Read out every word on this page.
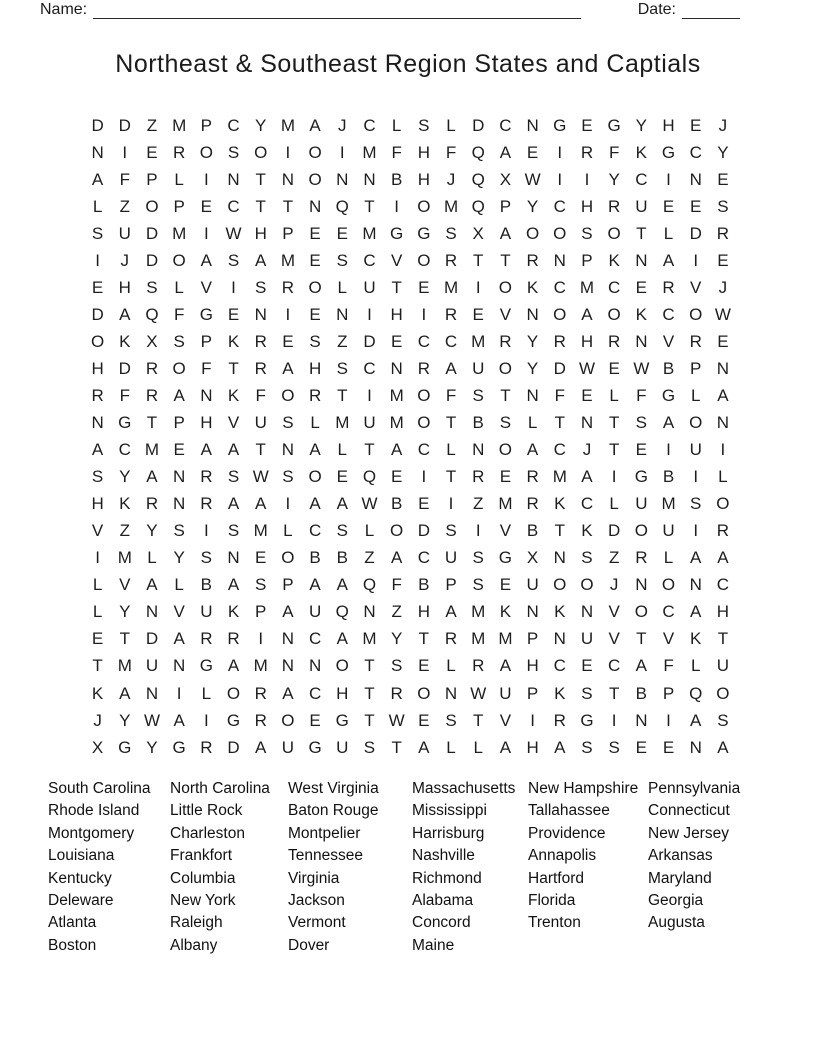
Name:	Date:
Northeast & Southeast Region States and Captials
D D Z M P C Y M A	J C L S L D C N G E G Y H E	J
N	I	E R O S O	I	O	I	M F H F Q A E	I	R F K G C Y
A F P L	I	N T N O N N B H J Q X W I	I	Y C	I	N E
L	Z O P E C T T N Q T	I	O M Q P Y C H R U E E S
S U D M	I W H P E E M G G S X A O O S O T	L D R
I	J D O A S A M E S C V O R T T R N P K N A	I	E
E H S L V	I	S R O L U T E M	I	O K C M C E R V	J
D A Q F G E N	I	E N	I	H	I	R E V N O A O K C O W
O K X S P K R E S Z D E C C M R Y R H R N V R E
H D R O F T R A H S C N R A U O Y D W E W B P N
R F R A N K F O R T	I	M O F S T N F E L	F G L A
N G T P H V U S L M U M O T B S L	T N T S A O N
A C M E A A T N A L	T A C L N O A C J	T E	I	U	I
S Y A N R S W S O E Q E	I	T R E R M A	I	G B	I	L
H K R N R A A	I	A A W B E	I	Z M R K C L U M S O
V Z Y S	I	S M L C S L O D S	I	V B T K D O U	I	R
I	M L Y S N E O B B Z A C U S G X N S Z R L A A
L V A L B A S P A A Q F B P S E U O O J N O N C
L Y N V U K P A U Q N Z H A M K N K N V O C A H
E T D A R R	I	N C A M Y T R M M P N U V T V K T
T M U N G A M N N O T S E L R A H C E C A F	L U
K A N	I	L O R A C H T R O N W U P K S T B P Q O
J	Y W A	I	G R O E G T W E S T V	I	R G	I	N	I	A S
X G Y G R D A U G U S T A L	L A H A S S E E N A
South Carolina
Rhode Island
Montgomery
Louisiana
Kentucky
Deleware
Atlanta
Boston
North Carolina
Little Rock
Charleston
Frankfort
Columbia
New York
Raleigh
Albany
West Virginia
Baton Rouge
Montpelier
Tennessee
Virginia
Jackson
Vermont
Dover
Massachusetts
Mississippi
Harrisburg
Nashville
Richmond
Alabama
Concord
Maine
New Hampshire
Tallahassee
Providence
Annapolis
Hartford
Florida
Trenton
Pennsylvania
Connecticut
New Jersey
Arkansas
Maryland
Georgia
Augusta
